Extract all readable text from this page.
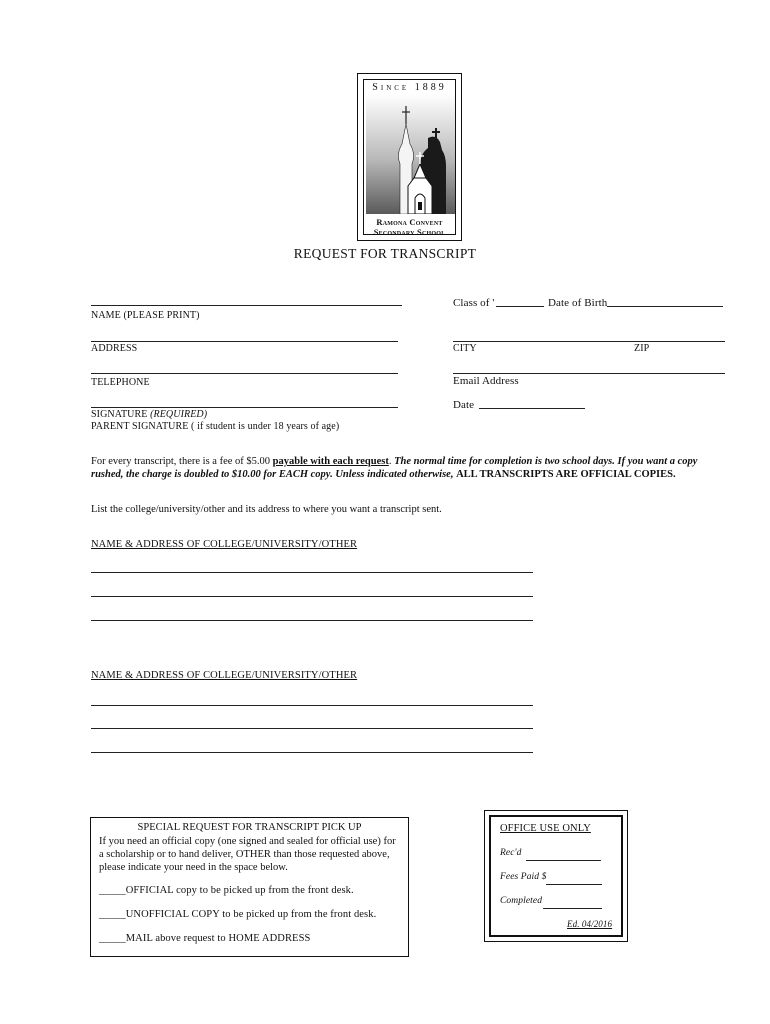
Since 1889
Ramona Convent
Secondary School
REQUEST FOR TRANSCRIPT
NAME (PLEASE PRINT)
Class of '	Date of Birth
ADDRESS	CITY	ZIP
TELEPHONE	Email Address
SIGNATURE (REQUIRED)
PARENT SIGNATURE ( if student is under 18 years of age)
Date
For every transcript, there is a fee of $5.00 payable with each request. The normal time for completion is two school days. If you want a copy rushed, the charge is doubled to $10.00 for EACH copy. Unless indicated otherwise, ALL TRANSCRIPTS ARE OFFICIAL COPIES.
List the college/university/other and its address to where you want a transcript sent.
NAME & ADDRESS OF COLLEGE/UNIVERSITY/OTHER
NAME & ADDRESS OF COLLEGE/UNIVERSITY/OTHER
SPECIAL REQUEST FOR TRANSCRIPT PICK UP
If you need an official copy (one signed and sealed for official use) for a scholarship or to hand deliver, OTHER than those requested above, please indicate your need in the space below.
_____OFFICIAL copy to be picked up from the front desk.
_____UNOFFICIAL COPY to be picked up from the front desk.
_____MAIL above request to HOME ADDRESS
OFFICE USE ONLY
Rec'd
Fees Paid $
Completed
Ed. 04/2016
